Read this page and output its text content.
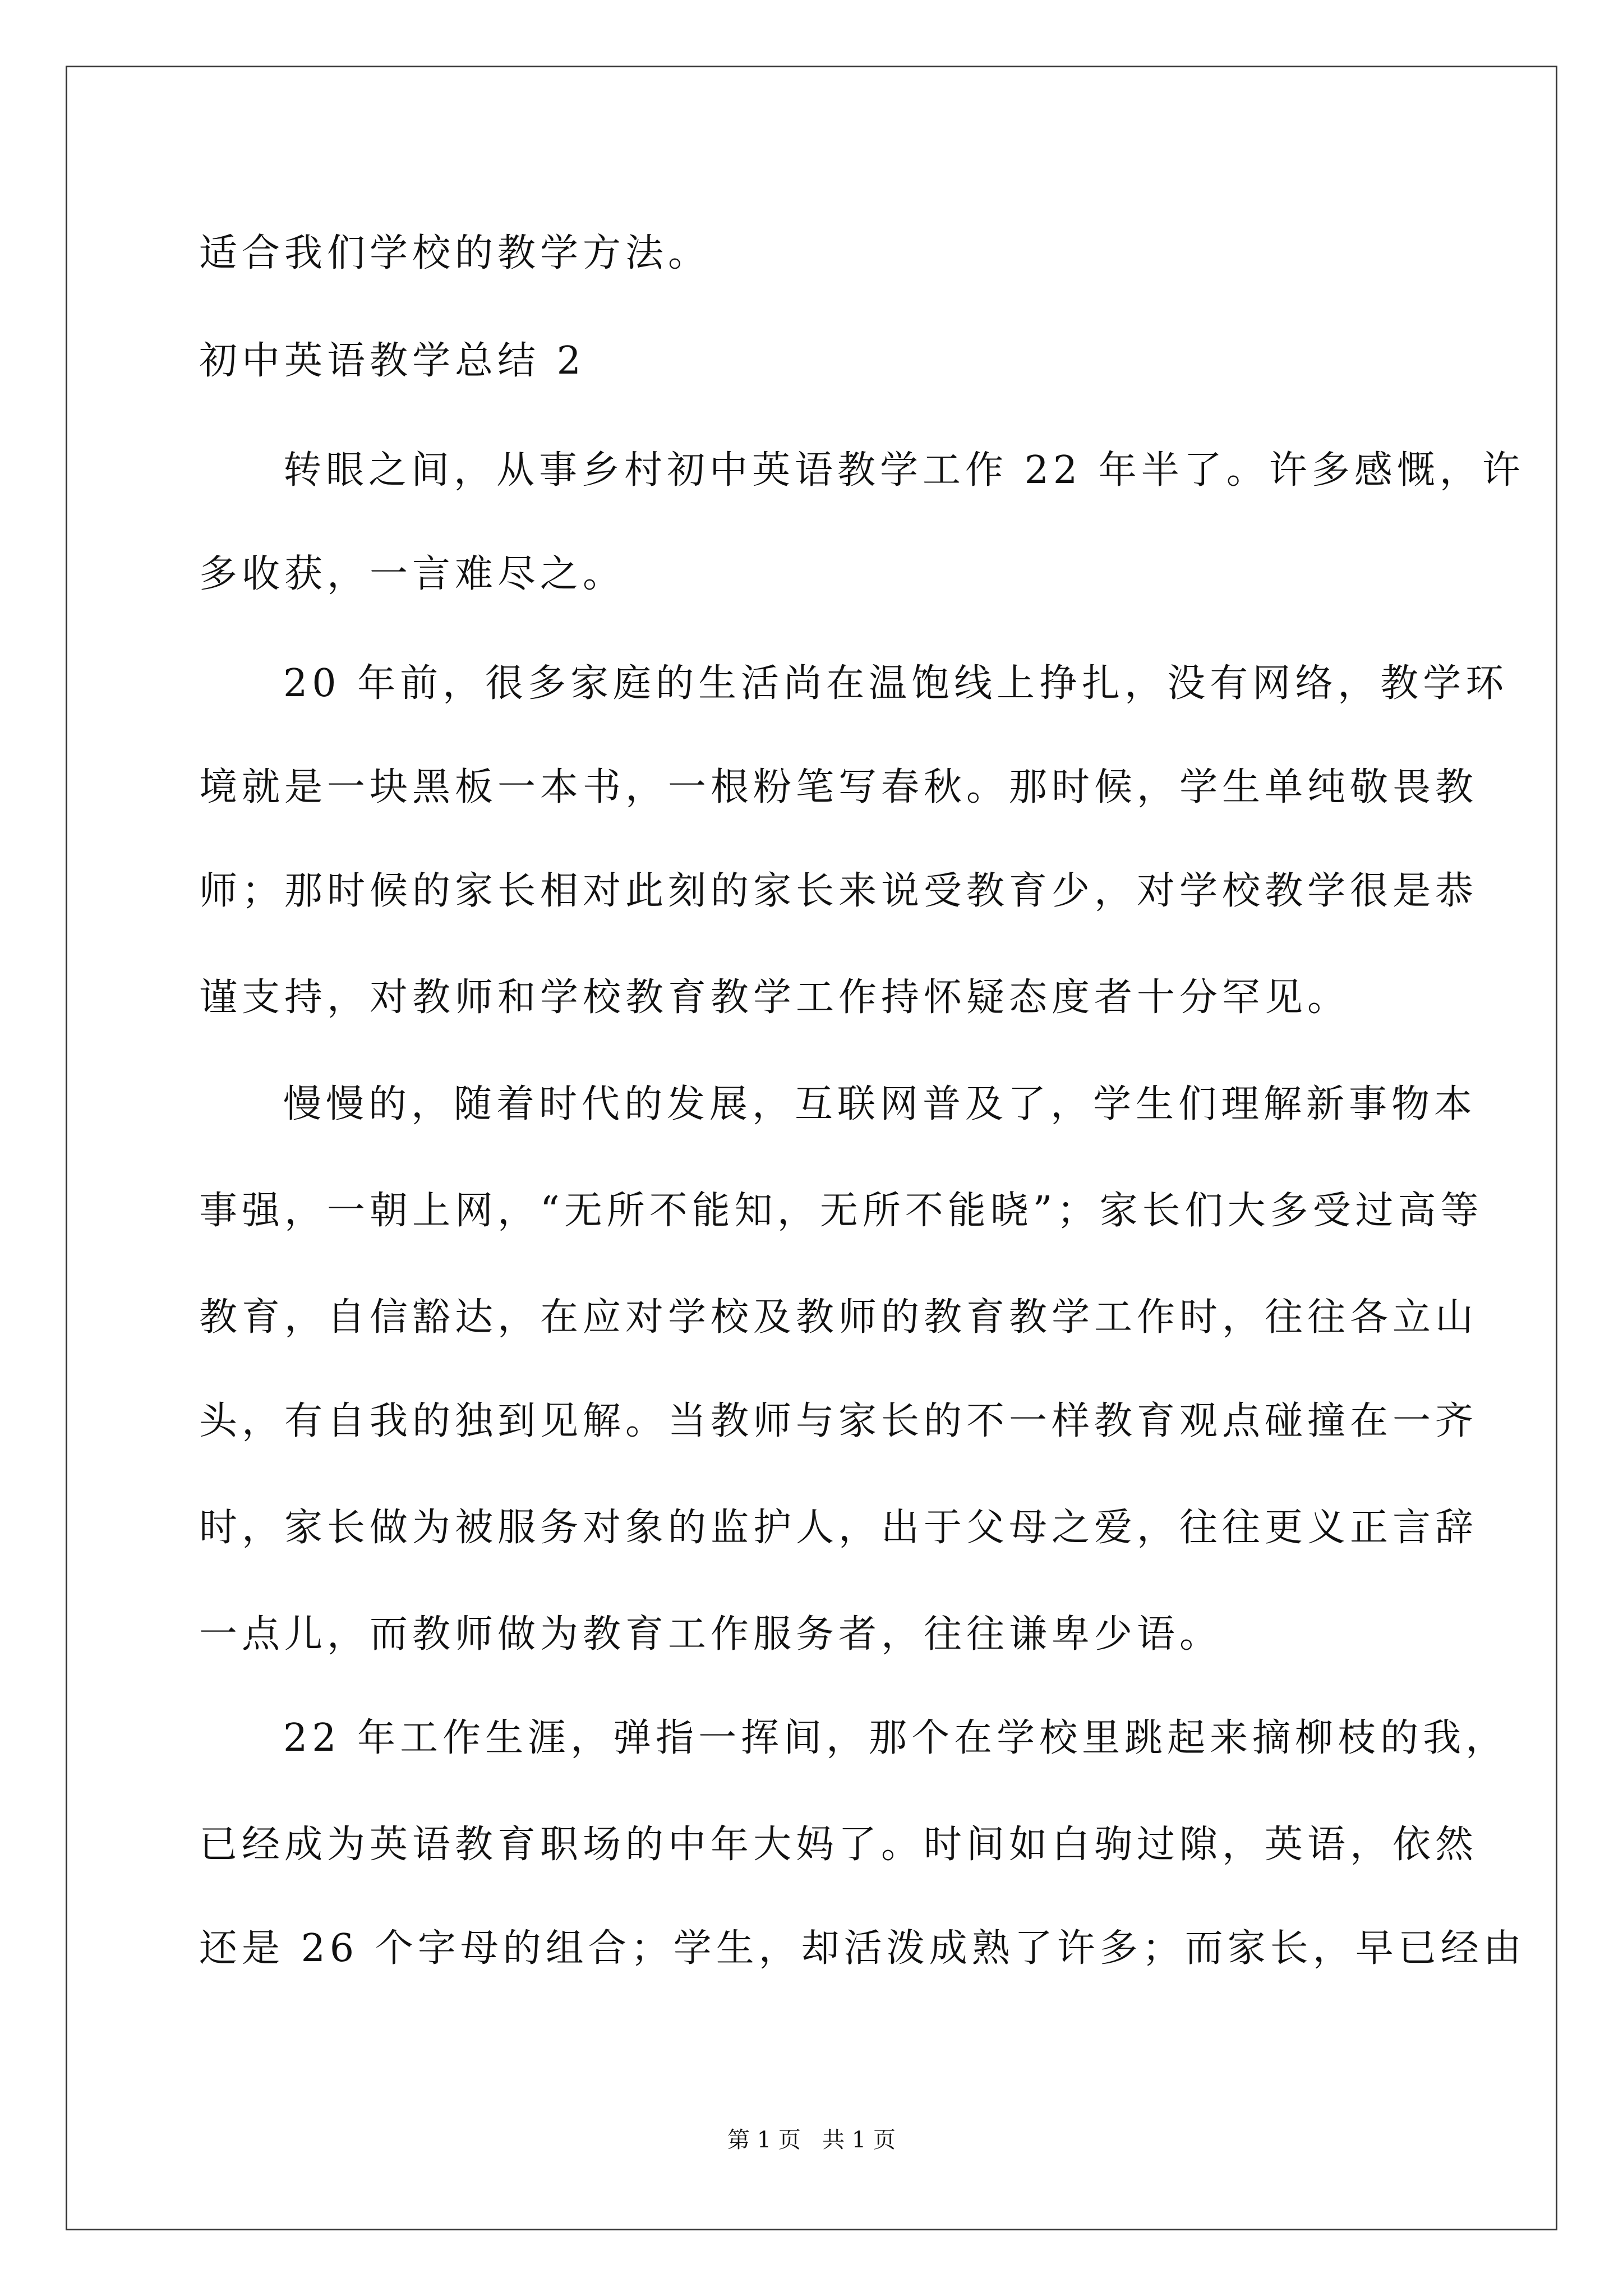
适合我们学校的教学方法。
初中英语教学总结 2
转眼之间，从事乡村初中英语教学工作 22 年半了。许多感慨，许
多收获，一言难尽之。
20 年前，很多家庭的生活尚在温饱线上挣扎，没有网络，教学环
境就是一块黑板一本书，一根粉笔写春秋。那时候，学生单纯敬畏教
师；那时候的家长相对此刻的家长来说受教育少，对学校教学很是恭
谨支持，对教师和学校教育教学工作持怀疑态度者十分罕见。
慢慢的，随着时代的发展，互联网普及了，学生们理解新事物本
事强，一朝上网，“无所不能知，无所不能晓”；家长们大多受过高等
教育，自信豁达，在应对学校及教师的教育教学工作时，往往各立山
头，有自我的独到见解。当教师与家长的不一样教育观点碰撞在一齐
时，家长做为被服务对象的监护人，出于父母之爱，往往更义正言辞
一点儿，而教师做为教育工作服务者，往往谦卑少语。
22 年工作生涯，弹指一挥间，那个在学校里跳起来摘柳枝的我，
已经成为英语教育职场的中年大妈了。时间如白驹过隙，英语，依然
还是 26 个字母的组合；学生，却活泼成熟了许多；而家长，早已经由
第 1 页   共 1 页
